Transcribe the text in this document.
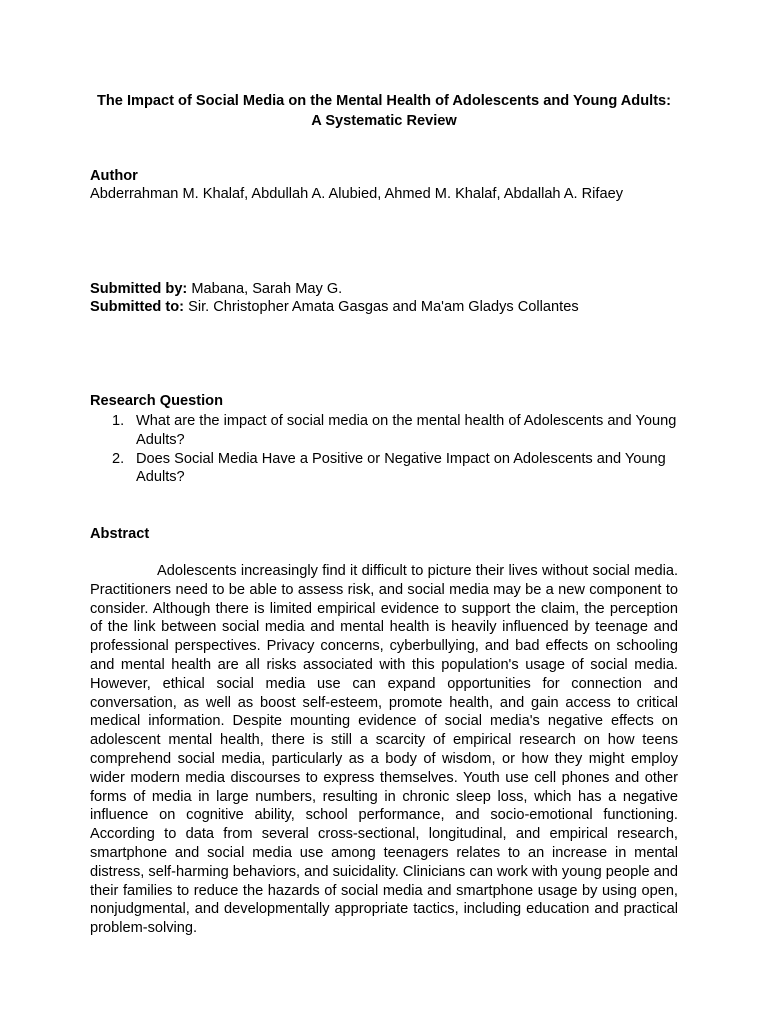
The Impact of Social Media on the Mental Health of Adolescents and Young Adults: A Systematic Review
Author
Abderrahman M. Khalaf, Abdullah A. Alubied, Ahmed M. Khalaf, Abdallah A. Rifaey
Submitted by: Mabana, Sarah May G.
Submitted to: Sir. Christopher Amata Gasgas and Ma'am Gladys Collantes
Research Question
1. What are the impact of social media on the mental health of Adolescents and Young Adults?
2. Does Social Media Have a Positive or Negative Impact on Adolescents and Young Adults?
Abstract
Adolescents increasingly find it difficult to picture their lives without social media. Practitioners need to be able to assess risk, and social media may be a new component to consider. Although there is limited empirical evidence to support the claim, the perception of the link between social media and mental health is heavily influenced by teenage and professional perspectives. Privacy concerns, cyberbullying, and bad effects on schooling and mental health are all risks associated with this population's usage of social media. However, ethical social media use can expand opportunities for connection and conversation, as well as boost self-esteem, promote health, and gain access to critical medical information. Despite mounting evidence of social media's negative effects on adolescent mental health, there is still a scarcity of empirical research on how teens comprehend social media, particularly as a body of wisdom, or how they might employ wider modern media discourses to express themselves. Youth use cell phones and other forms of media in large numbers, resulting in chronic sleep loss, which has a negative influence on cognitive ability, school performance, and socio-emotional functioning. According to data from several cross-sectional, longitudinal, and empirical research, smartphone and social media use among teenagers relates to an increase in mental distress, self-harming behaviors, and suicidality. Clinicians can work with young people and their families to reduce the hazards of social media and smartphone usage by using open, nonjudgmental, and developmentally appropriate tactics, including education and practical problem-solving.
